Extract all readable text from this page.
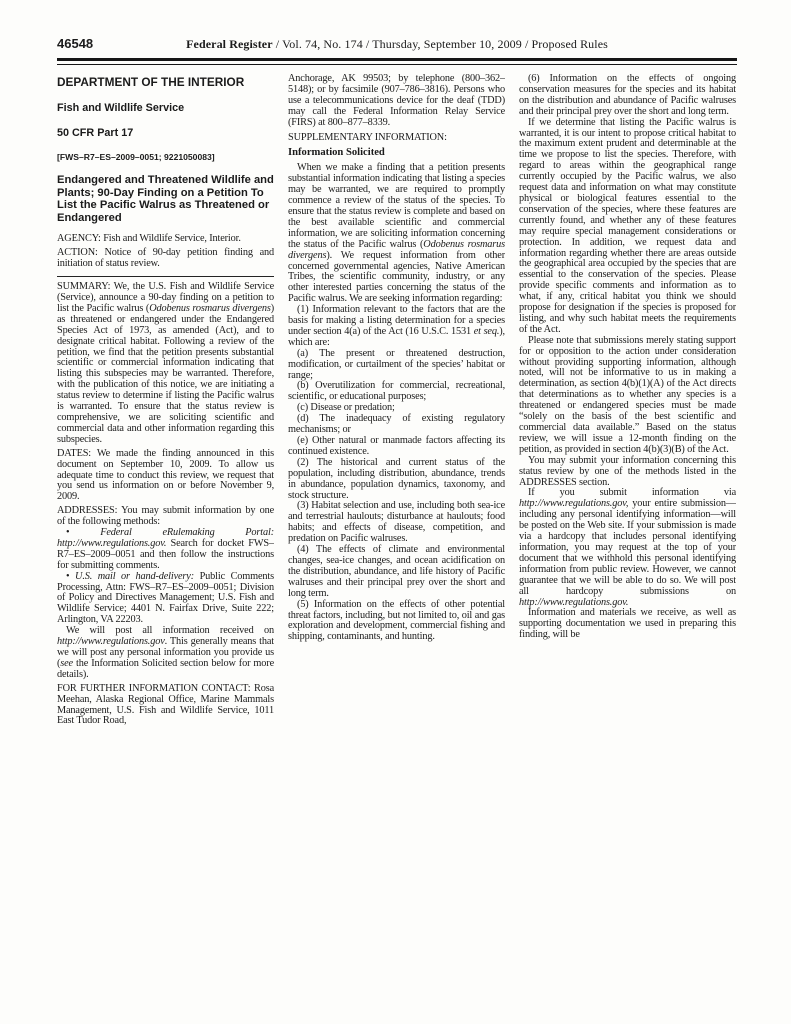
46548	Federal Register / Vol. 74, No. 174 / Thursday, September 10, 2009 / Proposed Rules
DEPARTMENT OF THE INTERIOR
Fish and Wildlife Service
50 CFR Part 17
[FWS–R7–ES–2009–0051; 9221050083]
Endangered and Threatened Wildlife and Plants; 90-Day Finding on a Petition To List the Pacific Walrus as Threatened or Endangered
AGENCY: Fish and Wildlife Service, Interior.
ACTION: Notice of 90-day petition finding and initiation of status review.
SUMMARY: We, the U.S. Fish and Wildlife Service (Service), announce a 90-day finding on a petition to list the Pacific walrus (Odobenus rosmarus divergens) as threatened or endangered under the Endangered Species Act of 1973, as amended (Act), and to designate critical habitat. Following a review of the petition, we find that the petition presents substantial scientific or commercial information indicating that listing this subspecies may be warranted. Therefore, with the publication of this notice, we are initiating a status review to determine if listing the Pacific walrus is warranted. To ensure that the status review is comprehensive, we are soliciting scientific and commercial data and other information regarding this subspecies.
DATES: We made the finding announced in this document on September 10, 2009. To allow us adequate time to conduct this review, we request that you send us information on or before November 9, 2009.
ADDRESSES: You may submit information by one of the following methods:
• Federal eRulemaking Portal: http://www.regulations.gov. Search for docket FWS–R7–ES–2009–0051 and then follow the instructions for submitting comments.
• U.S. mail or hand-delivery: Public Comments Processing, Attn: FWS–R7–ES–2009–0051; Division of Policy and Directives Management; U.S. Fish and Wildlife Service; 4401 N. Fairfax Drive, Suite 222; Arlington, VA 22203.
We will post all information received on http://www.regulations.gov. This generally means that we will post any personal information you provide us (see the Information Solicited section below for more details).
FOR FURTHER INFORMATION CONTACT: Rosa Meehan, Alaska Regional Office, Marine Mammals Management, U.S. Fish and Wildlife Service, 1011 East Tudor Road,
Anchorage, AK 99503; by telephone (800–362–5148); or by facsimile (907–786–3816). Persons who use a telecommunications device for the deaf (TDD) may call the Federal Information Relay Service (FIRS) at 800–877–8339.
SUPPLEMENTARY INFORMATION:
Information Solicited
When we make a finding that a petition presents substantial information indicating that listing a species may be warranted, we are required to promptly commence a review of the status of the species. To ensure that the status review is complete and based on the best available scientific and commercial information, we are soliciting information concerning the status of the Pacific walrus (Odobenus rosmarus divergens). We request information from other concerned governmental agencies, Native American Tribes, the scientific community, industry, or any other interested parties concerning the status of the Pacific walrus. We are seeking information regarding:
(1) Information relevant to the factors that are the basis for making a listing determination for a species under section 4(a) of the Act (16 U.S.C. 1531 et seq.), which are:
(a) The present or threatened destruction, modification, or curtailment of the species’ habitat or range;
(b) Overutilization for commercial, recreational, scientific, or educational purposes;
(c) Disease or predation;
(d) The inadequacy of existing regulatory mechanisms; or
(e) Other natural or manmade factors affecting its continued existence.
(2) The historical and current status of the population, including distribution, abundance, trends in abundance, population dynamics, taxonomy, and stock structure.
(3) Habitat selection and use, including both sea-ice and terrestrial haulouts; disturbance at haulouts; food habits; and effects of disease, competition, and predation on Pacific walruses.
(4) The effects of climate and environmental changes, sea-ice changes, and ocean acidification on the distribution, abundance, and life history of Pacific walruses and their principal prey over the short and long term.
(5) Information on the effects of other potential threat factors, including, but not limited to, oil and gas exploration and development, commercial fishing and shipping, contaminants, and hunting.
(6) Information on the effects of ongoing conservation measures for the species and its habitat on the distribution and abundance of Pacific walruses and their principal prey over the short and long term.
If we determine that listing the Pacific walrus is warranted, it is our intent to propose critical habitat to the maximum extent prudent and determinable at the time we propose to list the species. Therefore, with regard to areas within the geographical range currently occupied by the Pacific walrus, we also request data and information on what may constitute physical or biological features essential to the conservation of the species, where these features are currently found, and whether any of these features may require special management considerations or protection. In addition, we request data and information regarding whether there are areas outside the geographical area occupied by the species that are essential to the conservation of the species. Please provide specific comments and information as to what, if any, critical habitat you think we should propose for designation if the species is proposed for listing, and why such habitat meets the requirements of the Act.
Please note that submissions merely stating support for or opposition to the action under consideration without providing supporting information, although noted, will not be informative to us in making a determination, as section 4(b)(1)(A) of the Act directs that determinations as to whether any species is a threatened or endangered species must be made “solely on the basis of the best scientific and commercial data available.” Based on the status review, we will issue a 12-month finding on the petition, as provided in section 4(b)(3)(B) of the Act.
You may submit your information concerning this status review by one of the methods listed in the ADDRESSES section.
If you submit information via http://www.regulations.gov, your entire submission—including any personal identifying information—will be posted on the Web site. If your submission is made via a hardcopy that includes personal identifying information, you may request at the top of your document that we withhold this personal identifying information from public review. However, we cannot guarantee that we will be able to do so. We will post all hardcopy submissions on http://www.regulations.gov.
Information and materials we receive, as well as supporting documentation we used in preparing this finding, will be
